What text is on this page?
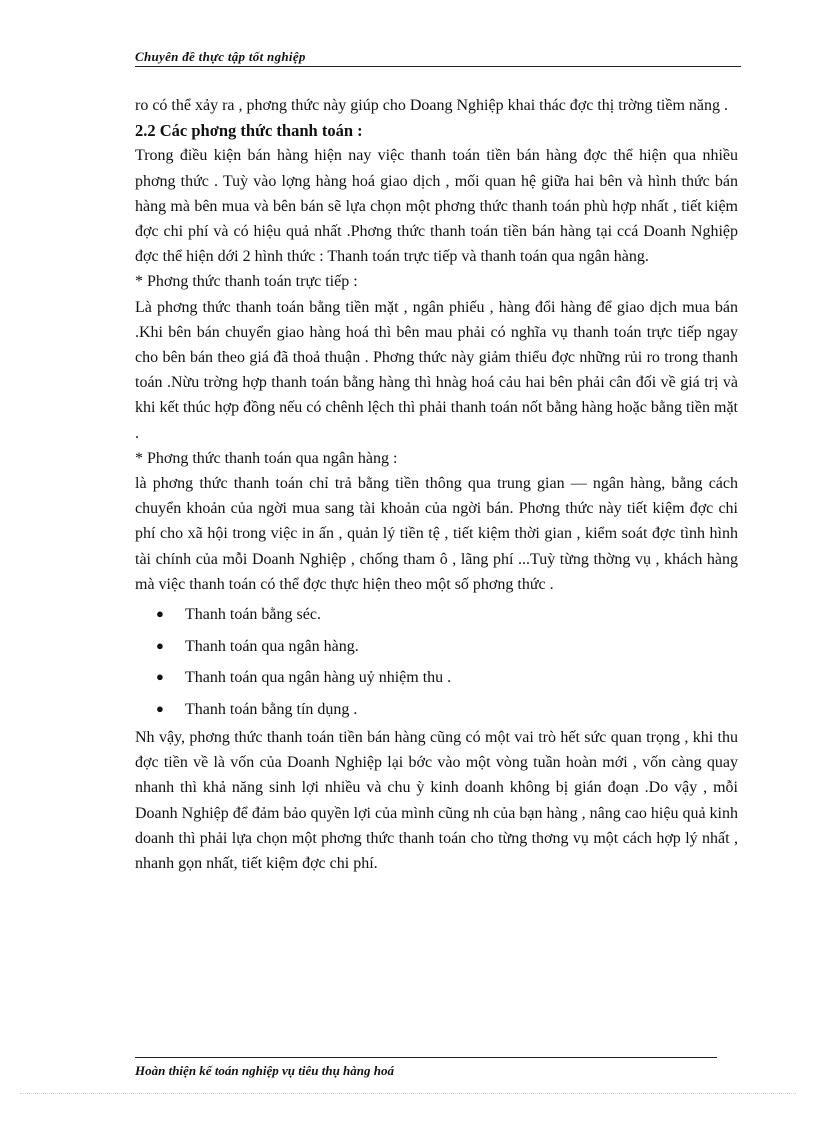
Chuyên đề thực tập tốt nghiệp

ro có thể xảy ra , phơng thức này giúp cho Doang Nghiệp khai thác đợc thị trờng tiềm năng .

2.2 Các phơng thức thanh toán :

Trong điều kiện bán hàng hiện nay việc thanh toán tiền bán hàng đợc thể hiện qua nhiều phơng thức . Tuỳ vào lợng hàng hoá giao dịch , mối quan hệ giữa hai bên và hình thức bán hàng mà bên mua và bên bán sẽ lựa chọn một phơng thức thanh toán phù hợp nhất , tiết kiệm đợc chi phí và có hiệu quả nhất .Phơng thức thanh toán tiền bán hàng tại ccá Doanh Nghiệp đợc thể hiện dới 2 hình thức : Thanh toán trực tiếp và thanh toán qua ngân hàng.

* Phơng thức thanh toán trực tiếp :

Là phơng thức thanh toán bằng tiền mặt , ngân phiếu , hàng đổi hàng để giao dịch mua bán .Khi bên bán chuyển giao hàng hoá thì bên mau phải có nghĩa vụ thanh toán trực tiếp ngay cho bên bán theo giá đã thoả thuận . Phơng thức này giảm thiểu đợc những rủi ro trong thanh toán .Nừu trờng hợp thanh toán bằng hàng thì hnàg hoá cảu hai bên phải cân đối về giá trị và khi kết thúc hợp đồng nếu có chênh lệch thì phải thanh toán nốt bằng hàng hoặc bằng tiền mặt .

* Phơng thức thanh toán qua ngân hàng :

là phơng thức thanh toán chỉ trả bằng tiền thông qua trung gian — ngân hàng, bằng cách chuyển khoản của ngời mua sang tài khoản của ngời bán. Phơng thức này tiết kiệm đợc chi phí cho xã hội trong việc in ấn , quản lý tiền tệ , tiết kiệm thời gian , kiểm soát đợc tình hình tài chính của mỗi Doanh Nghiệp , chống tham ô , lãng phí ...Tuỳ từng thờng vụ , khách hàng mà việc thanh toán có thể đợc thực hiện theo một số phơng thức .

● Thanh toán bằng séc.
● Thanh toán qua ngân hàng.
● Thanh toán qua ngân hàng uỷ nhiệm thu .
● Thanh toán bằng tín dụng .

Nh vậy, phơng thức thanh toán tiền bán hàng cũng có một vai trò hết sức quan trọng , khi thu đợc tiền về là vốn của Doanh Nghiệp lại bớc vào một vòng tuần hoàn mới , vốn càng quay nhanh thì khả năng sinh lợi nhiều và chu ỳ kinh doanh không bị gián đoạn .Do vậy , mỗi Doanh Nghiệp để đảm bảo quyền lợi của mình cũng nh của bạn hàng , nâng cao hiệu quả kinh doanh thì phải lựa chọn một phơng thức thanh toán cho từng thơng vụ một cách hợp lý nhất , nhanh gọn nhất, tiết kiệm đợc chi phí.

$_{Hoàn thiện kế toán nghiệp vụ tiêu thụ hàng hoá}$
